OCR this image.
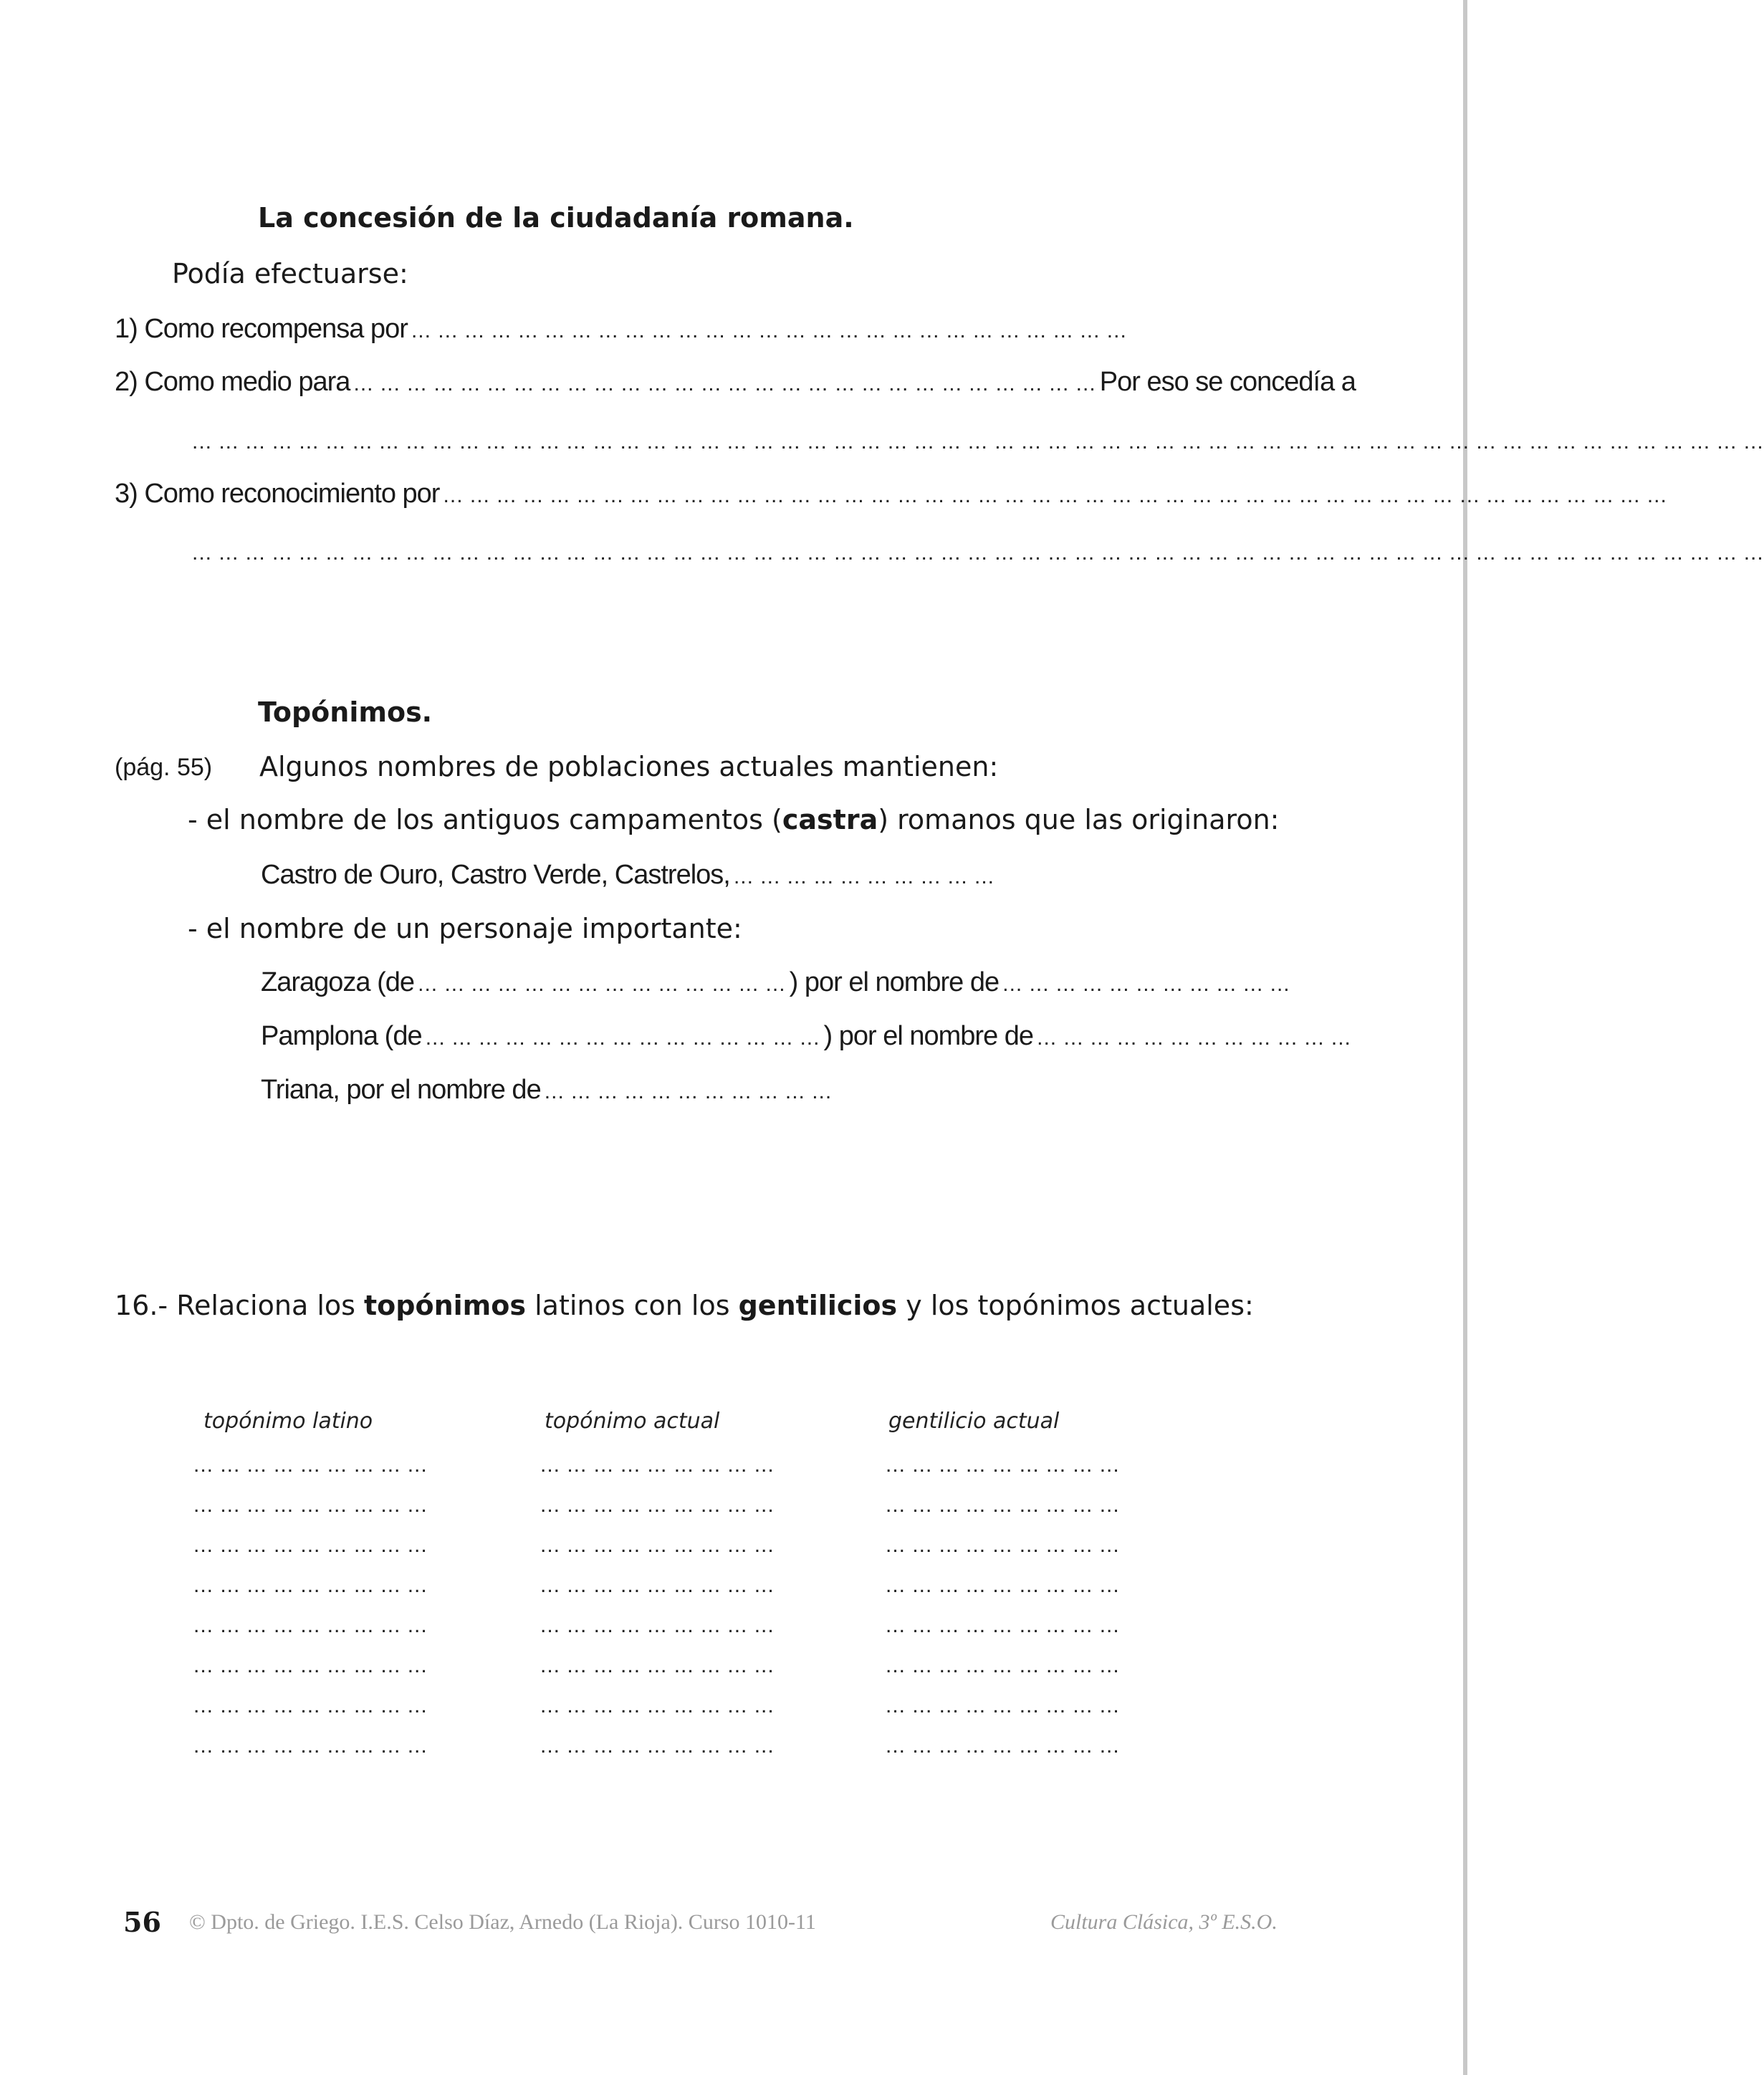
La concesión de la ciudadanía romana.
Podía efectuarse:
1) Como recompensa por ... ... ... ... ... ... ... ... ... ... ... ... ... ... ... ... ... ... ... ... ... ... ... ... ... ... ...
2) Como medio para ... ... ... ... ... ... ... ... ... ... ... ... ... ... ... ... ... ... ... ... ... ... ... ... ... ... ... ... Por eso se concedía a
... ... ... ... ... ... ... ... ... ... ... ... ... ... ... ... ... ... ... ... ... ... ... ... ... ... ... ... ... ... ... ... ... ... ... ... ... ... ... ... ... ... ... ... ... ... ... ... ... ... ... ... ... ... ... ... ... ... ...
3) Como reconocimiento por ... ... ... ... ... ... ... ... ... ... ... ... ... ... ... ... ... ... ... ... ... ... ... ... ... ... ... ... ... ... ... ... ... ... ... ... ... ... ... ... ... ... ... ... ... ...
... ... ... ... ... ... ... ... ... ... ... ... ... ... ... ... ... ... ... ... ... ... ... ... ... ... ... ... ... ... ... ... ... ... ... ... ... ... ... ... ... ... ... ... ... ... ... ... ... ... ... ... ... ... ... ... ... ... ...
Topónimos.
(pág. 55) Algunos nombres de poblaciones actuales mantienen:
- el nombre de los antiguos campamentos (castra) romanos que las originaron:
Castro de Ouro, Castro Verde, Castrelos, ... ... ... ... ... ... ... ... ... ...
- el nombre de un personaje importante:
Zaragoza (de ... ... ... ... ... ... ... ... ... ... ... ... ... ... ) por el nombre de ... ... ... ... ... ... ... ... ... ... ...
Pamplona (de ... ... ... ... ... ... ... ... ... ... ... ... ... ... ... ) por el nombre de ... ... ... ... ... ... ... ... ... ... ... ...
Triana, por el nombre de ... ... ... ... ... ... ... ... ... ... ...
16.- Relaciona los topónimos latinos con los gentilicios y los topónimos actuales:
topónimo latino	topónimo actual	gentilicio actual
... ... ... ... ... ... ... ... ...	... ... ... ... ... ... ... ... ...	... ... ... ... ... ... ... ... ...
... ... ... ... ... ... ... ... ...	... ... ... ... ... ... ... ... ...	... ... ... ... ... ... ... ... ...
... ... ... ... ... ... ... ... ...	... ... ... ... ... ... ... ... ...	... ... ... ... ... ... ... ... ...
... ... ... ... ... ... ... ... ...	... ... ... ... ... ... ... ... ...	... ... ... ... ... ... ... ... ...
... ... ... ... ... ... ... ... ...	... ... ... ... ... ... ... ... ...	... ... ... ... ... ... ... ... ...
... ... ... ... ... ... ... ... ...	... ... ... ... ... ... ... ... ...	... ... ... ... ... ... ... ... ...
... ... ... ... ... ... ... ... ...	... ... ... ... ... ... ... ... ...	... ... ... ... ... ... ... ... ...
... ... ... ... ... ... ... ... ...	... ... ... ... ... ... ... ... ...	... ... ... ... ... ... ... ... ...
56 © Dpto. de Griego. I.E.S. Celso Díaz, Arnedo (La Rioja). Curso 1010-11	Cultura Clásica, 3º E.S.O.
